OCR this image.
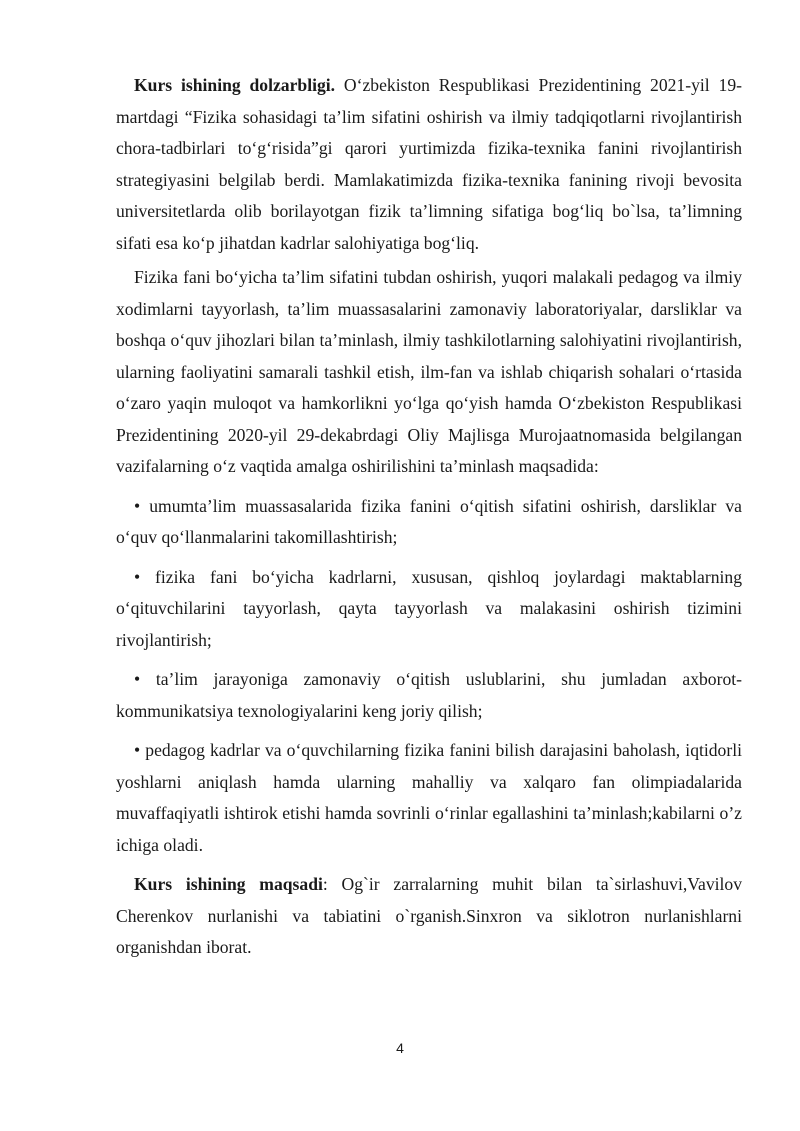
Kurs ishining dolzarbligi. O‘zbekiston Respublikasi Prezidentining 2021-yil 19-martdagi “Fizika sohasidagi taʼlim sifatini oshirish va ilmiy tadqiqotlarni rivojlantirish chora-tadbirlari to‘g‘risida”gi qarori yurtimizda fizika-texnika fanini rivojlantirish strategiyasini belgilab berdi. Mamlakatimizda fizika-texnika fanining rivoji bevosita universitetlarda olib borilayotgan fizik ta’limning sifatiga bog‘liq bo`lsa, ta’limning sifati esa ko‘p jihatdan kadrlar salohiyatiga bog‘liq.

Fizika fani bo‘yicha ta’lim sifatini tubdan oshirish, yuqori malakali pedagog va ilmiy xodimlarni tayyorlash, ta’lim muassasalarini zamonaviy laboratoriyalar, darsliklar va boshqa o‘quv jihozlari bilan ta’minlash, ilmiy tashkilotlarning salohiyatini rivojlantirish, ularning faoliyatini samarali tashkil etish, ilm-fan va ishlab chiqarish sohalari o‘rtasida o‘zaro yaqin muloqot va hamkorlikni yo‘lga qo‘yish hamda O‘zbekiston Respublikasi Prezidentining 2020-yil 29-dekabrdagi Oliy Majlisga Murojaatnomasida belgilangan vazifalarning o‘z vaqtida amalga oshirilishini ta’minlash maqsadida:

• umumta’lim muassasalarida fizika fanini o‘qitish sifatini oshirish, darsliklar va o‘quv qo‘llanmalarini takomillashtirish;

• fizika fani bo‘yicha kadrlarni, xususan, qishloq joylardagi maktablarning o‘qituvchilarini tayyorlash, qayta tayyorlash va malakasini oshirish tizimini rivojlantirish;

• ta’lim jarayoniga zamonaviy o‘qitish uslublarini, shu jumladan axborot-kommunikatsiya texnologiyalarini keng joriy qilish;

• pedagog kadrlar va o‘quvchilarning fizika fanini bilish darajasini baholash, iqtidorli yoshlarni aniqlash hamda ularning mahalliy va xalqaro fan olimpiadalarida muvaffaqiyatli ishtirok etishi hamda sovrinli o‘rinlar egallashini ta’minlash;kabilarni o’z ichiga oladi.

Kurs ishining maqsadi: Og`ir zarralarning muhit bilan ta`sirlashuvi,Vavilov Cherenkov nurlanishi va tabiatini o`rganish.Sinxron va siklotron nurlanishlarni organishdan iborat.

4
